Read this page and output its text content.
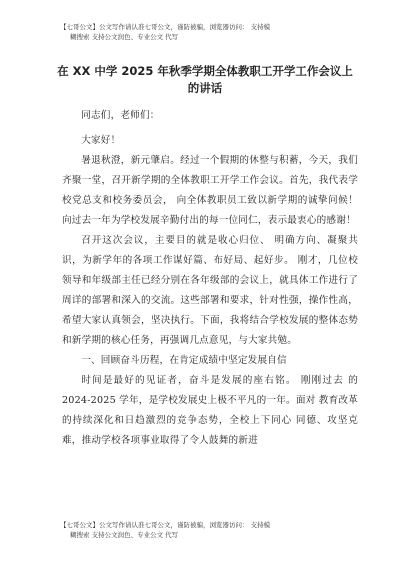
【七哥公文】公文写作请认准七哥公文，谨防被骗，浏览器访问： 支持模
糊搜索 支持公文润色、专业公文 代写
在 XX 中学 2025 年秋季学期全体教职工开学工作会议上
的讲话

同志们，老师们：

大家好！

暑退秋澄，新元肇启。经过一个假期的休整与积蓄，今天，我们齐聚一堂，召开新学期的全体教职工开学工作会议。首先，我代表学校党总支和校务委员会， 向全体教职员工致以新学期的诚挚问候！向过去一年为学校发展辛勤付出的每一位同仁，表示最衷心的感谢！

召开这次会议，主要目的就是收心归位、 明确方向、凝聚共识，为新学年的各项工作谋好篇、布好局、起好步。 刚才，几位校领导和年级部主任已经分别在各年级部的会议上，就具体工作进行了周详的部署和深入的交流。这些部署和要求，针对性强，操作性高，希望大家认真领会，坚决执行。下面，我将结合学校发展的整体态势和新学期的核心任务，再强调几点意见，与大家共勉。

一、回顾奋斗历程，在肯定成绩中坚定发展自信

时间是最好的见证者，奋斗是发展的座右铭。 刚刚过去 的 2024-2025 学年，是学校发展史上极不平凡的一年。面对 教育改革的持续深化和日趋激烈的竞争态势，全校上下同心 同德、攻坚克难，推动学校各项事业取得了令人鼓舞的新进

【七哥公文】公文写作请认准七哥公文，谨防被骗，浏览器访问： 支持模
糊搜索 支持公文润色、专业公文 代写
